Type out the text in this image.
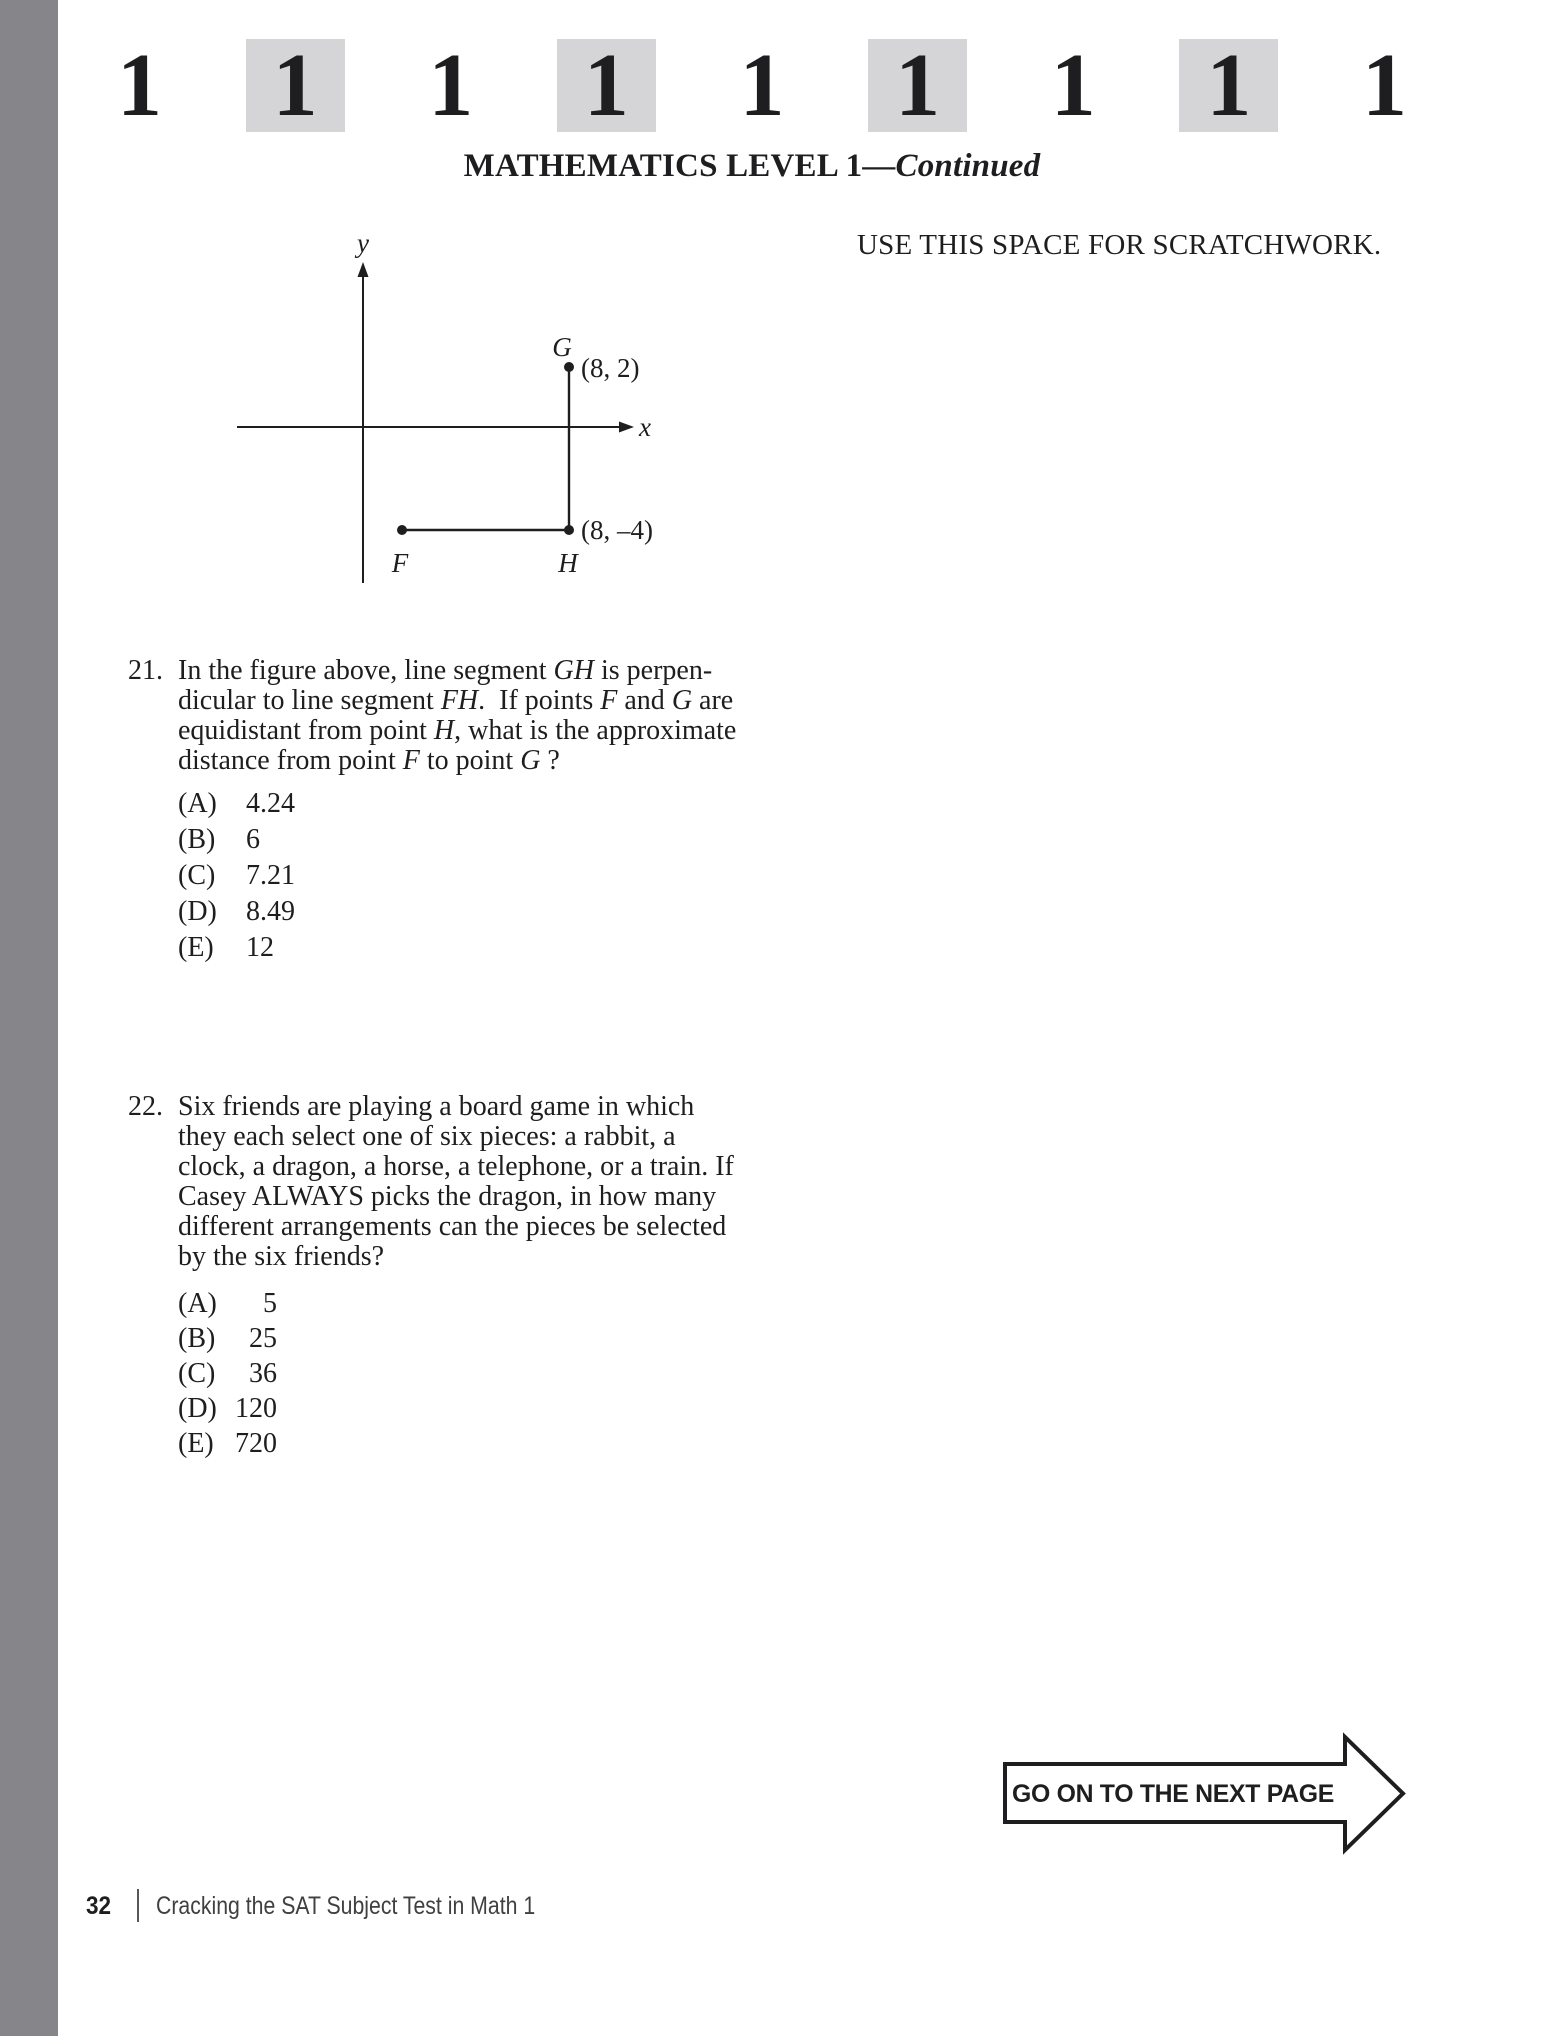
1	1	1	1	1	1	1	1	1
MATHEMATICS LEVEL 1—Continued
USE THIS SPACE FOR SCRATCHWORK.
y
x
G
(8, 2)
(8, –4)
H
F
21. In the figure above, line segment GH is perpen-
dicular to line segment FH.  If points F and G are
equidistant from point H, what is the approximate
distance from point F to point G ?
(A) 4.24
(B) 6
(C) 7.21
(D) 8.49
(E) 12
22. Six friends are playing a board game in which
they each select one of six pieces: a rabbit, a
clock, a dragon, a horse, a telephone, or a train. If
Casey ALWAYS picks the dragon, in how many
different arrangements can the pieces be selected
by the six friends?
(A) 5
(B) 25
(C) 36
(D) 120
(E) 720
GO ON TO THE NEXT PAGE
32 Cracking the SAT Subject Test in Math 1
